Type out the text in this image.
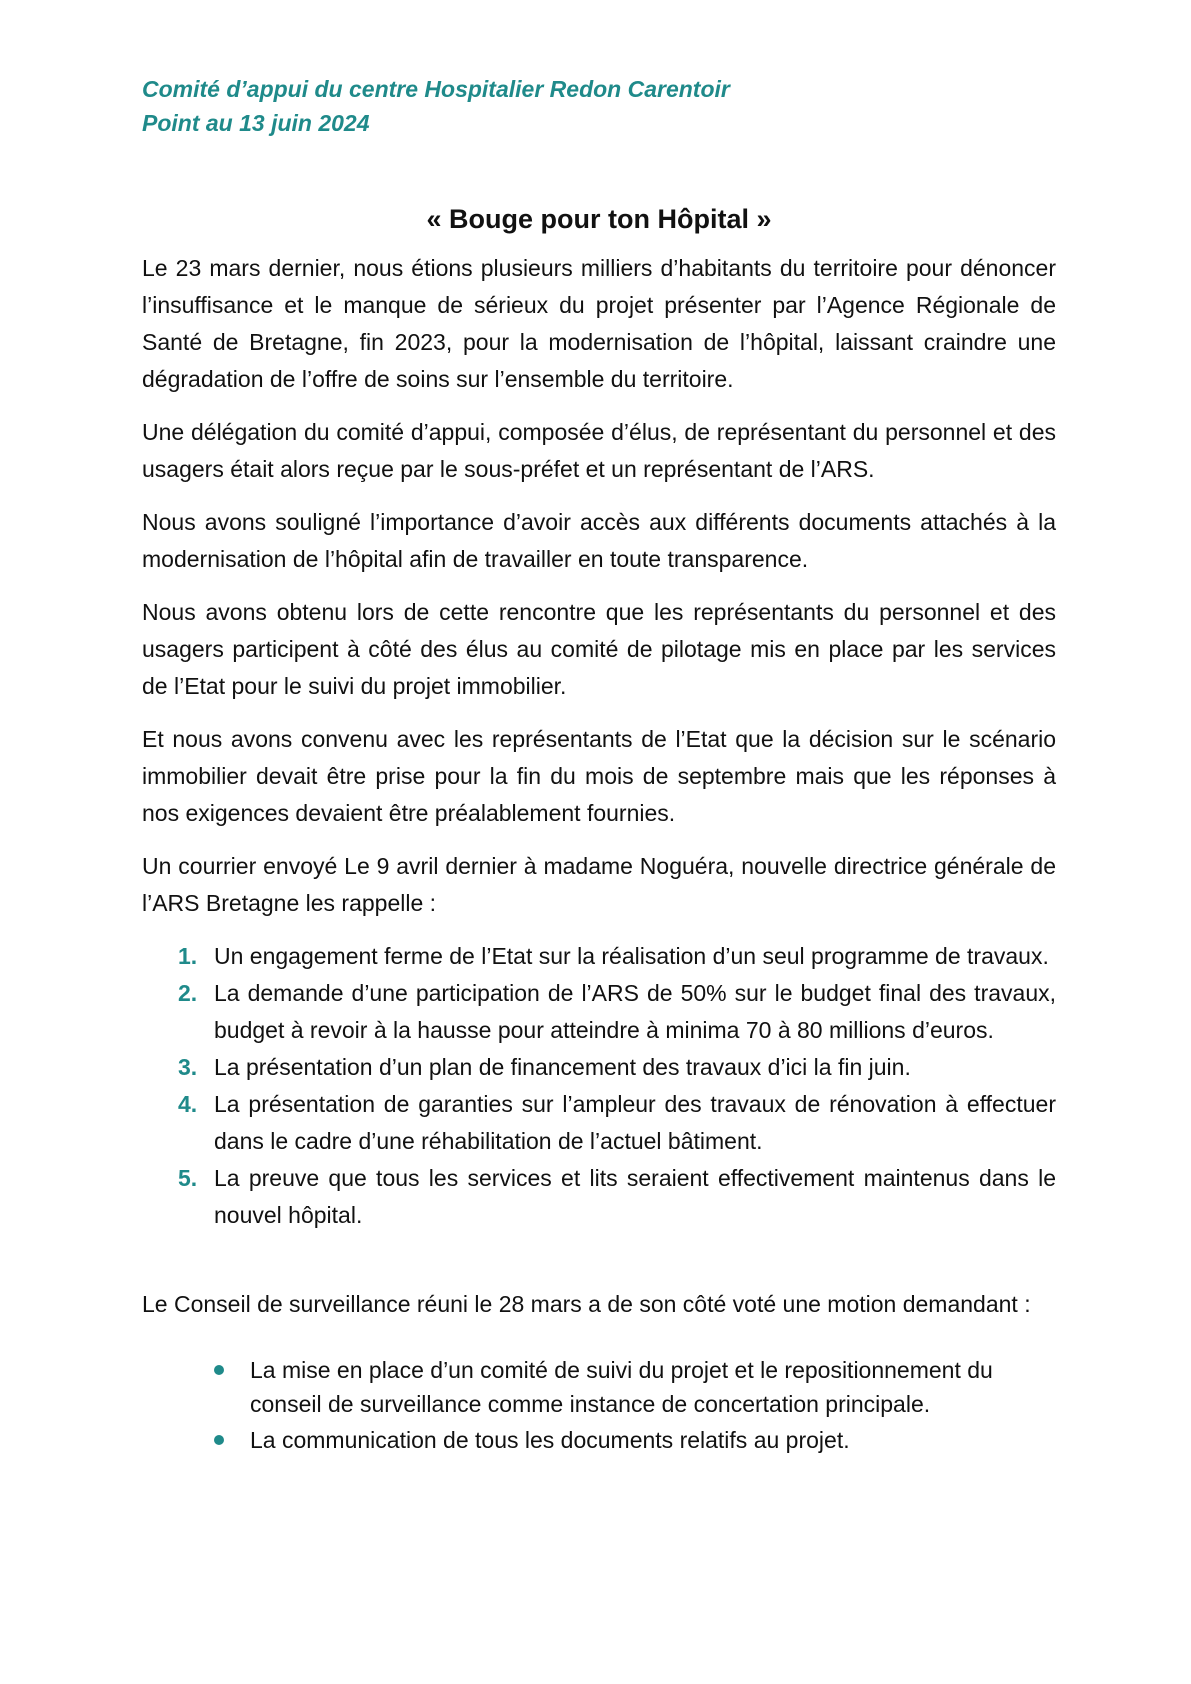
Comité d’appui du centre Hospitalier Redon Carentoir
Point au 13 juin 2024
« Bouge pour ton Hôpital »

Le 23 mars dernier, nous étions plusieurs milliers d’habitants du territoire pour dénoncer l’insuffisance et le manque de sérieux du projet présenter par l’Agence Régionale de Santé de Bretagne, fin 2023, pour la modernisation de l’hôpital, laissant craindre une dégradation de l’offre de soins sur l’ensemble du territoire.

Une délégation du comité d’appui, composée d’élus, de représentant du personnel et des usagers était alors reçue par le sous-préfet et un représentant de l’ARS.

Nous avons souligné l’importance d’avoir accès aux différents documents attachés à la modernisation de l’hôpital afin de travailler en toute transparence.

Nous avons obtenu lors de cette rencontre que les représentants du personnel et des usagers participent à côté des élus au comité de pilotage mis en place par les services de l’Etat pour le suivi du projet immobilier.

Et nous avons convenu avec les représentants de l’Etat que la décision sur le scénario immobilier devait être prise pour la fin du mois de septembre mais que les réponses à nos exigences devaient être préalablement fournies.

Un courrier envoyé Le 9 avril dernier à madame Noguéra, nouvelle directrice générale de l’ARS Bretagne les rappelle :

1. Un engagement ferme de l’Etat sur la réalisation d’un seul programme de travaux.
2. La demande d’une participation de l’ARS de 50% sur le budget final des travaux, budget à revoir à la hausse pour atteindre à minima 70 à 80 millions d’euros.
3. La présentation d’un plan de financement des travaux d’ici la fin juin.
4. La présentation de garanties sur l’ampleur des travaux de rénovation à effectuer dans le cadre d’une réhabilitation de l’actuel bâtiment.
5. La preuve que tous les services et lits seraient effectivement maintenus dans le nouvel hôpital.

Le Conseil de surveillance réuni le 28 mars a de son côté voté une motion demandant :

La mise en place d’un comité de suivi du projet et le repositionnement du conseil de surveillance comme instance de concertation principale.
La communication de tous les documents relatifs au projet.
